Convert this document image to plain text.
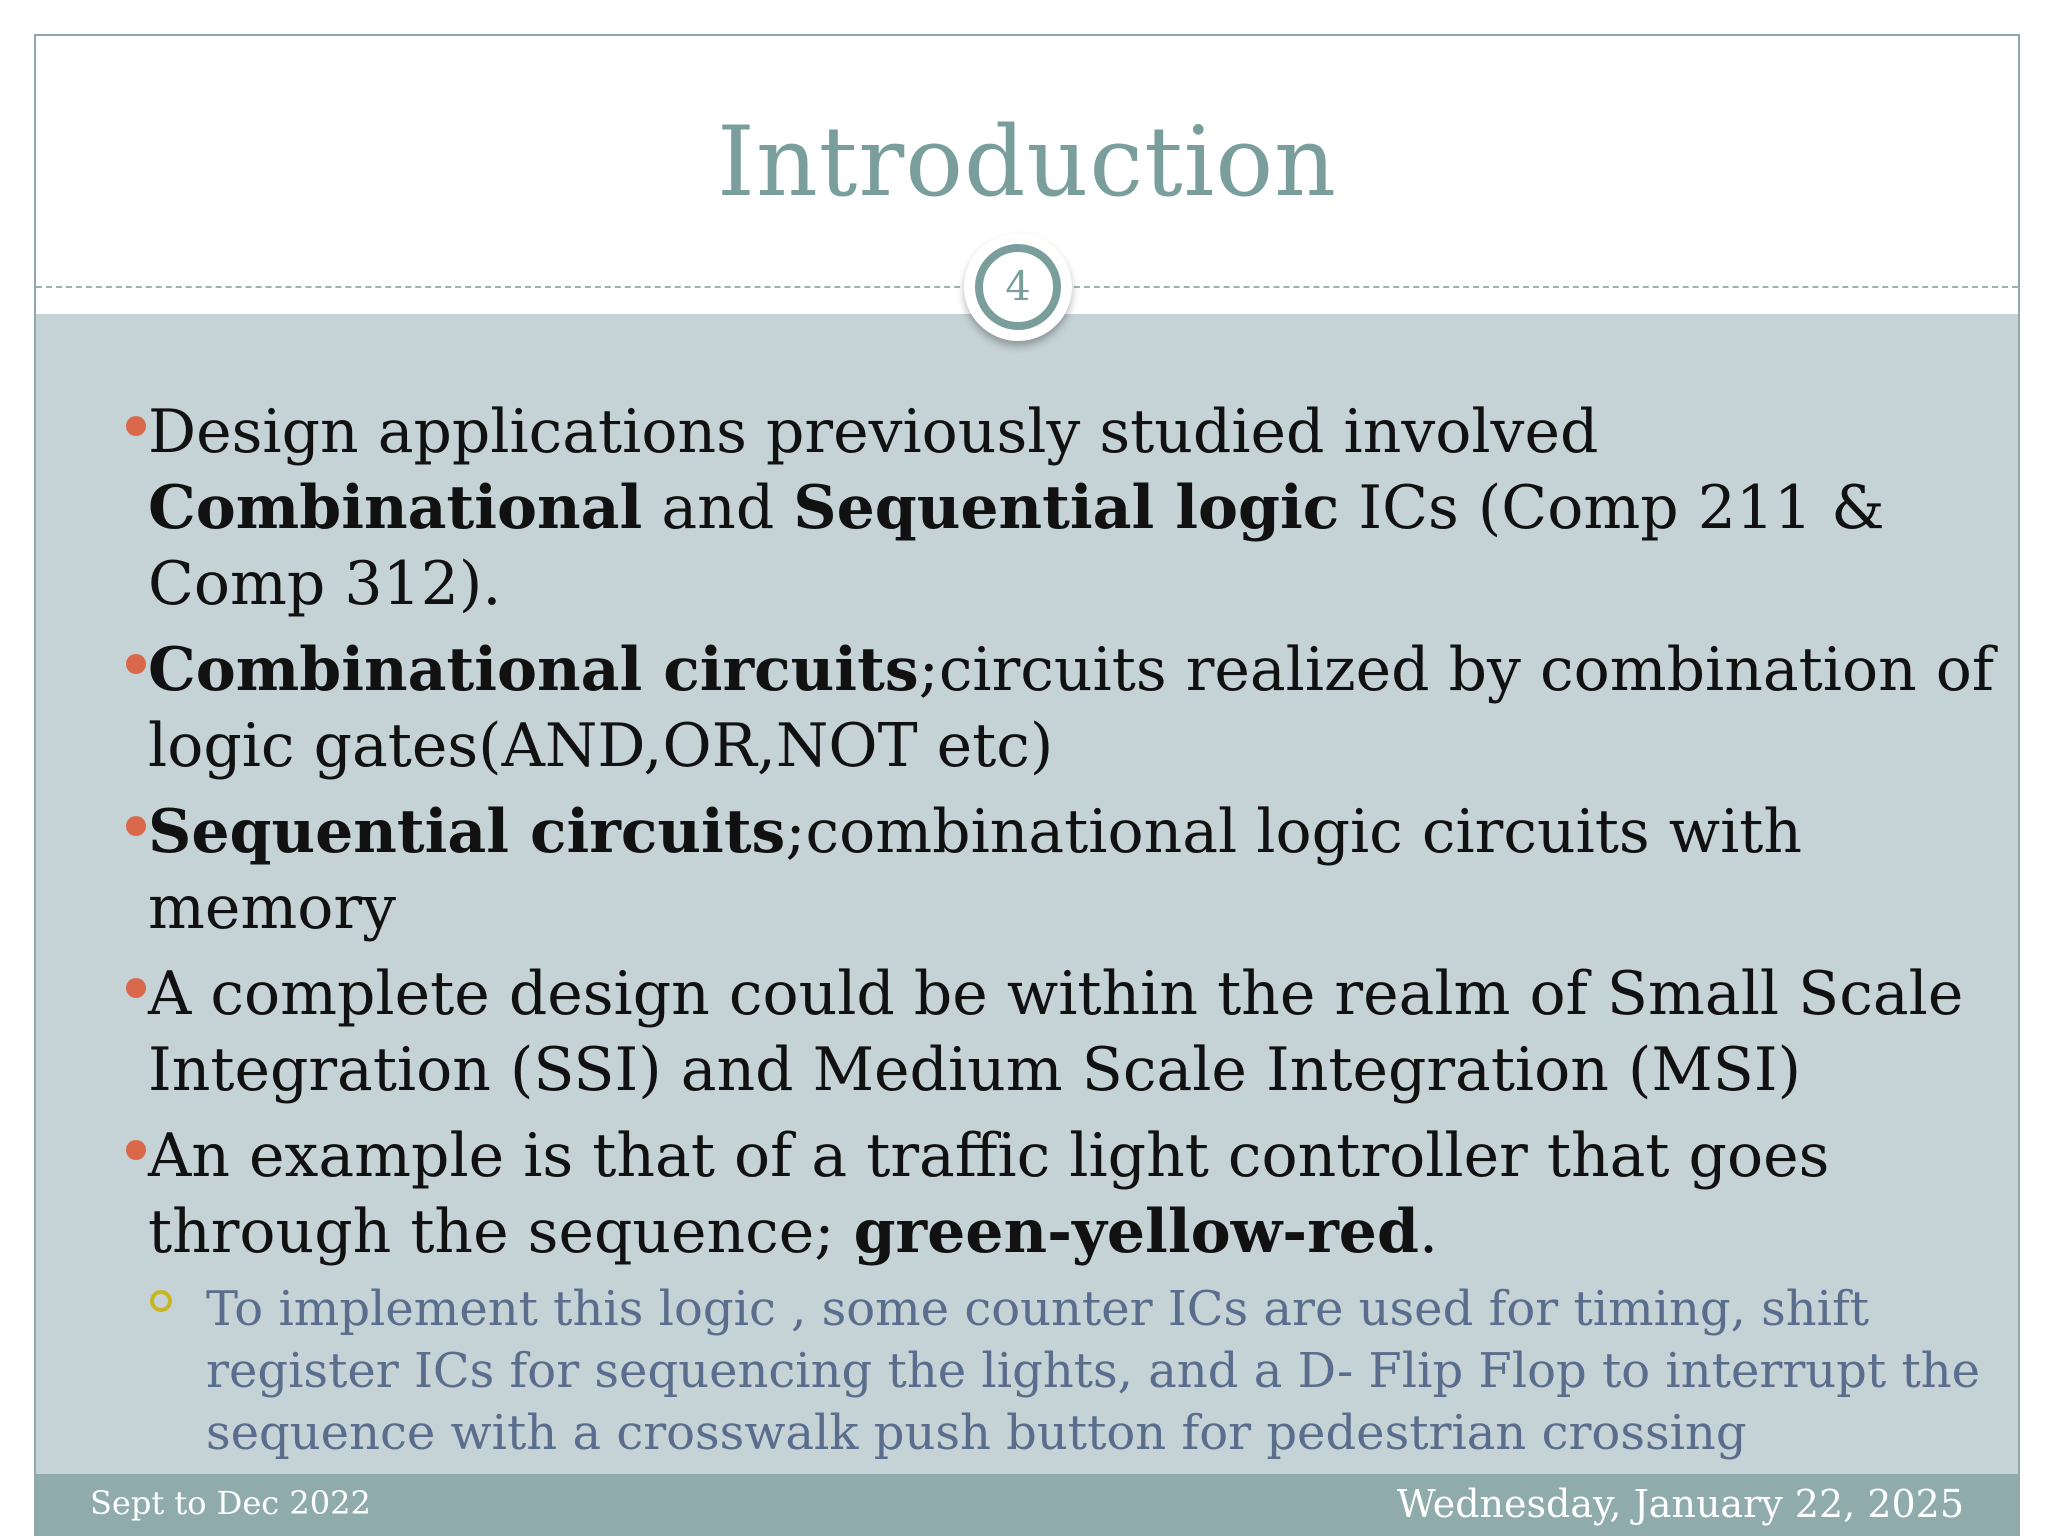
Introduction
4
Design applications previously studied involved Combinational and Sequential logic ICs (Comp 211 & Comp 312).
Combinational circuits;circuits realized by combination of logic gates(AND,OR,NOT etc)
Sequential circuits;combinational logic circuits with memory
A complete design could be within the realm of Small Scale Integration (SSI) and Medium Scale Integration (MSI)
An example is that of a traffic light controller that goes through the sequence; green-yellow-red.
To implement this logic , some counter ICs are used for timing, shift register ICs for sequencing the lights, and a D- Flip Flop to interrupt the sequence with a crosswalk push button for pedestrian crossing
Sept to Dec 2022	Wednesday, January 22, 2025
